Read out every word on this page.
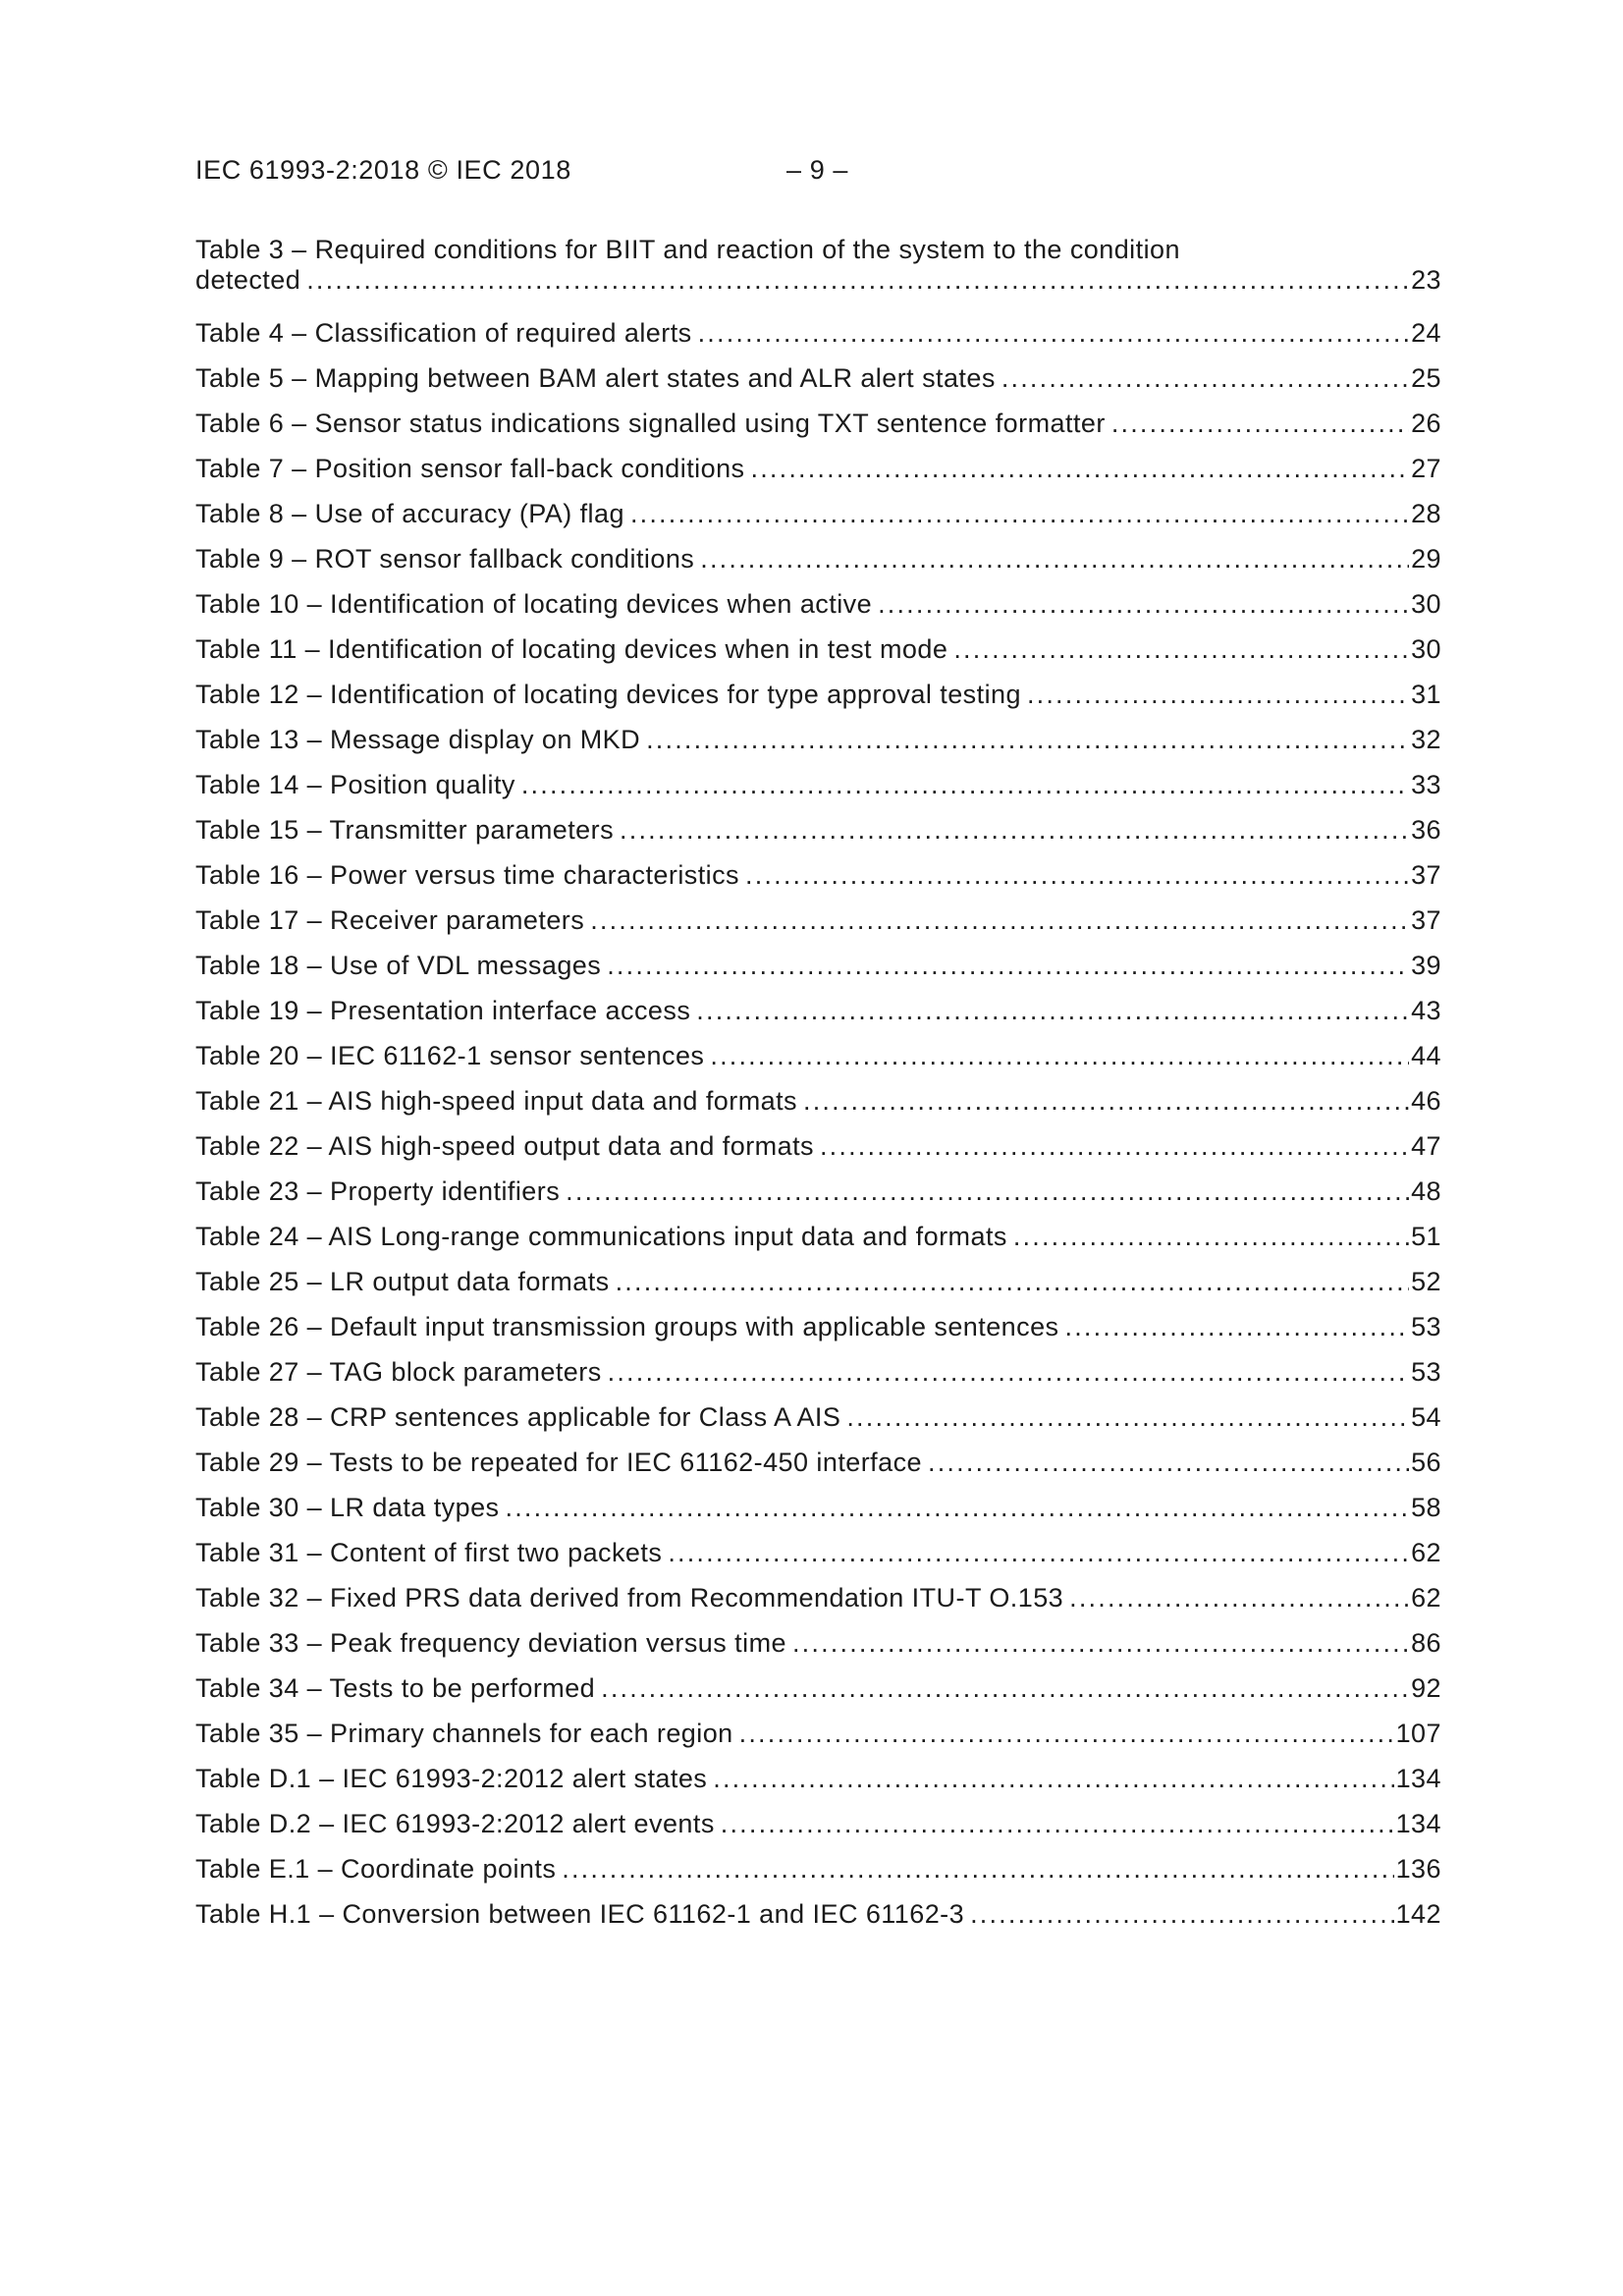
IEC 61993-2:2018 © IEC 2018	– 9 –
Table 3 – Required conditions for BIIT and reaction of the system to the condition
detected .....	23
Table 4 – Classification of required alerts .....	24
Table 5 – Mapping between BAM alert states and ALR alert states .....	25
Table 6 – Sensor status indications signalled using TXT sentence formatter .....	26
Table 7 – Position sensor fall-back conditions .....	27
Table 8 – Use of accuracy (PA) flag .....	28
Table 9 – ROT sensor fallback conditions .....	29
Table 10 – Identification of locating devices when active .....	30
Table 11 – Identification of locating devices when in test mode .....	30
Table 12 – Identification of locating devices for type approval testing .....	31
Table 13 – Message display on MKD .....	32
Table 14 – Position quality .....	33
Table 15 – Transmitter parameters .....	36
Table 16 – Power versus time characteristics .....	37
Table 17 – Receiver parameters .....	37
Table 18 – Use of VDL messages .....	39
Table 19 – Presentation interface access .....	43
Table 20 – IEC 61162-1 sensor sentences .....	44
Table 21 – AIS high-speed input data and formats .....	46
Table 22 – AIS high-speed output data and formats .....	47
Table 23 – Property identifiers .....	48
Table 24 – AIS Long-range communications input data and formats .....	51
Table 25 – LR output data formats .....	52
Table 26 – Default input transmission groups with applicable sentences .....	53
Table 27 – TAG block parameters .....	53
Table 28 – CRP sentences applicable for Class A AIS .....	54
Table 29 – Tests to be repeated for IEC 61162-450 interface .....	56
Table 30 – LR data types .....	58
Table 31 – Content of first two packets .....	62
Table 32 – Fixed PRS data derived from Recommendation ITU-T O.153 .....	62
Table 33 – Peak frequency deviation versus time .....	86
Table 34 – Tests to be performed .....	92
Table 35 – Primary channels for each region .....	107
Table D.1 – IEC 61993-2:2012 alert states .....	134
Table D.2 – IEC 61993-2:2012 alert events .....	134
Table E.1 – Coordinate points .....	136
Table H.1 – Conversion between IEC 61162-1 and IEC 61162-3 .....	142
